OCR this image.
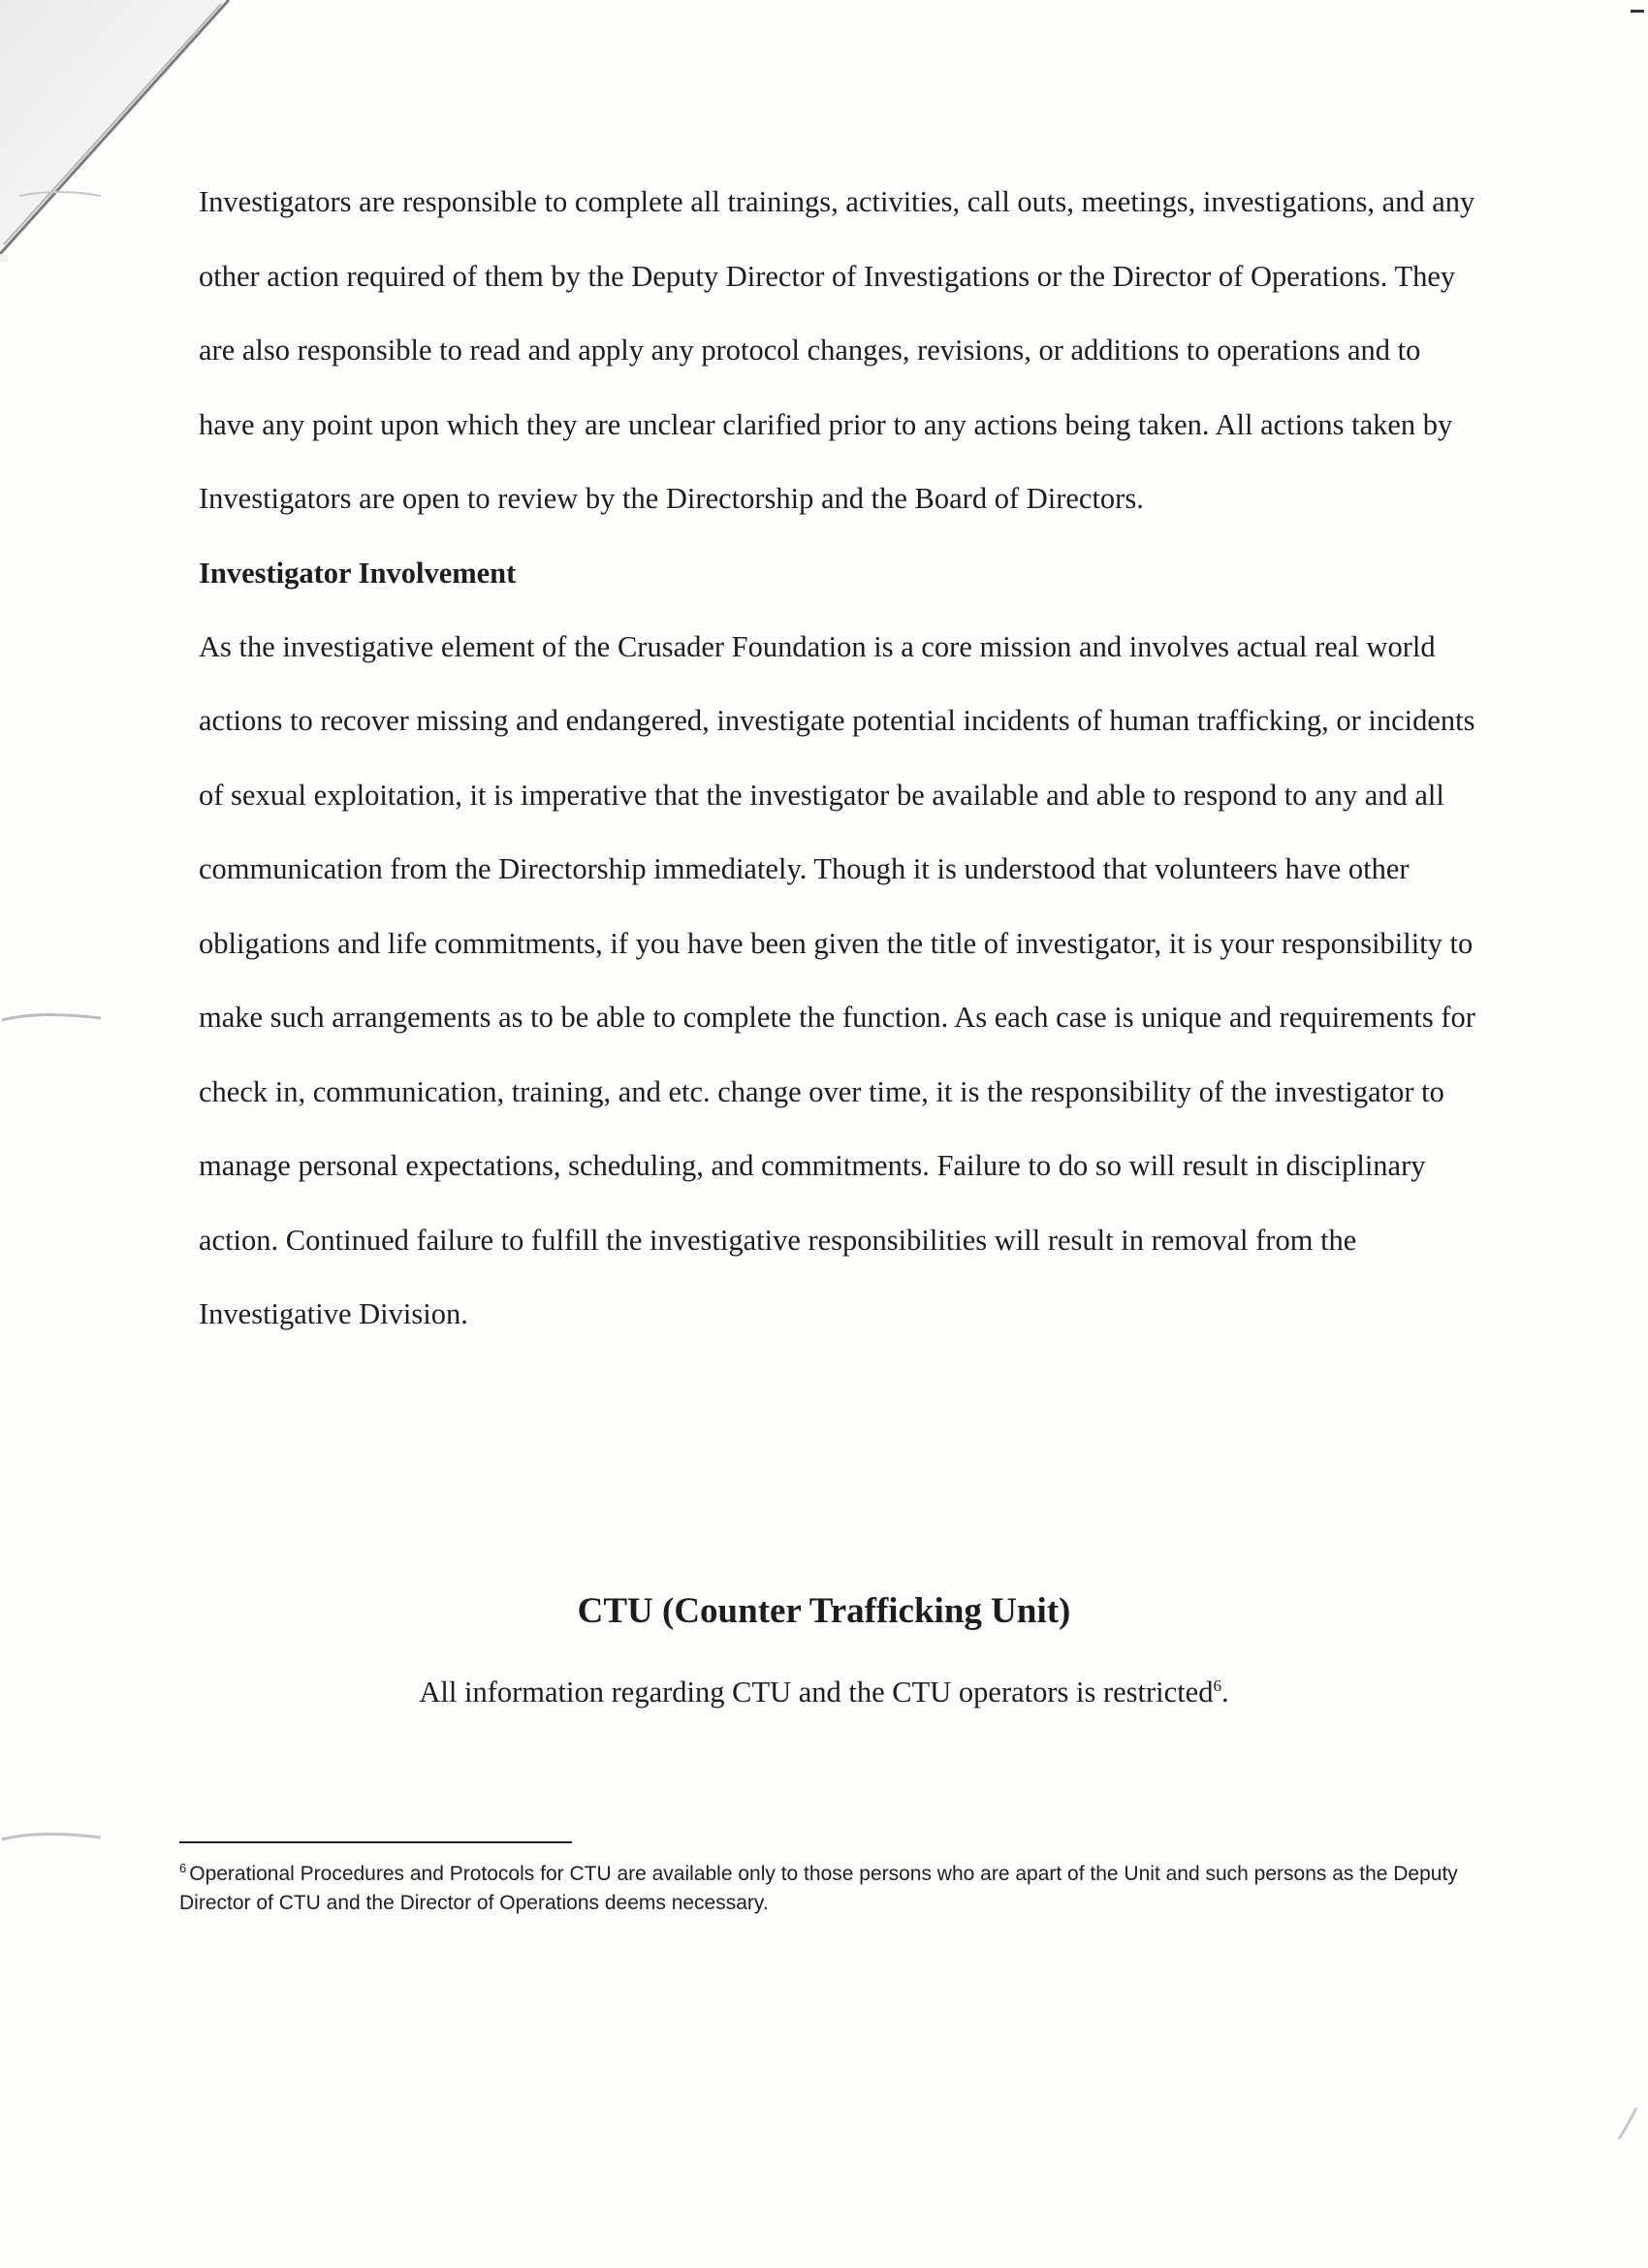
Investigators are responsible to complete all trainings, activities, call outs, meetings, investigations, and any other action required of them by the Deputy Director of Investigations or the Director of Operations. They are also responsible to read and apply any protocol changes, revisions, or additions to operations and to have any point upon which they are unclear clarified prior to any actions being taken. All actions taken by Investigators are open to review by the Directorship and the Board of Directors.

Investigator Involvement

As the investigative element of the Crusader Foundation is a core mission and involves actual real world actions to recover missing and endangered, investigate potential incidents of human trafficking, or incidents of sexual exploitation, it is imperative that the investigator be available and able to respond to any and all communication from the Directorship immediately. Though it is understood that volunteers have other obligations and life commitments, if you have been given the title of investigator, it is your responsibility to make such arrangements as to be able to complete the function. As each case is unique and requirements for check in, communication, training, and etc. change over time, it is the responsibility of the investigator to manage personal expectations, scheduling, and commitments. Failure to do so will result in disciplinary action. Continued failure to fulfill the investigative responsibilities will result in removal from the Investigative Division.

CTU (Counter Trafficking Unit)

All information regarding CTU and the CTU operators is restricted$^6$.

$^6$ Operational Procedures and Protocols for CTU are available only to those persons who are apart of the Unit and such persons as the Deputy Director of CTU and the Director of Operations deems necessary.
